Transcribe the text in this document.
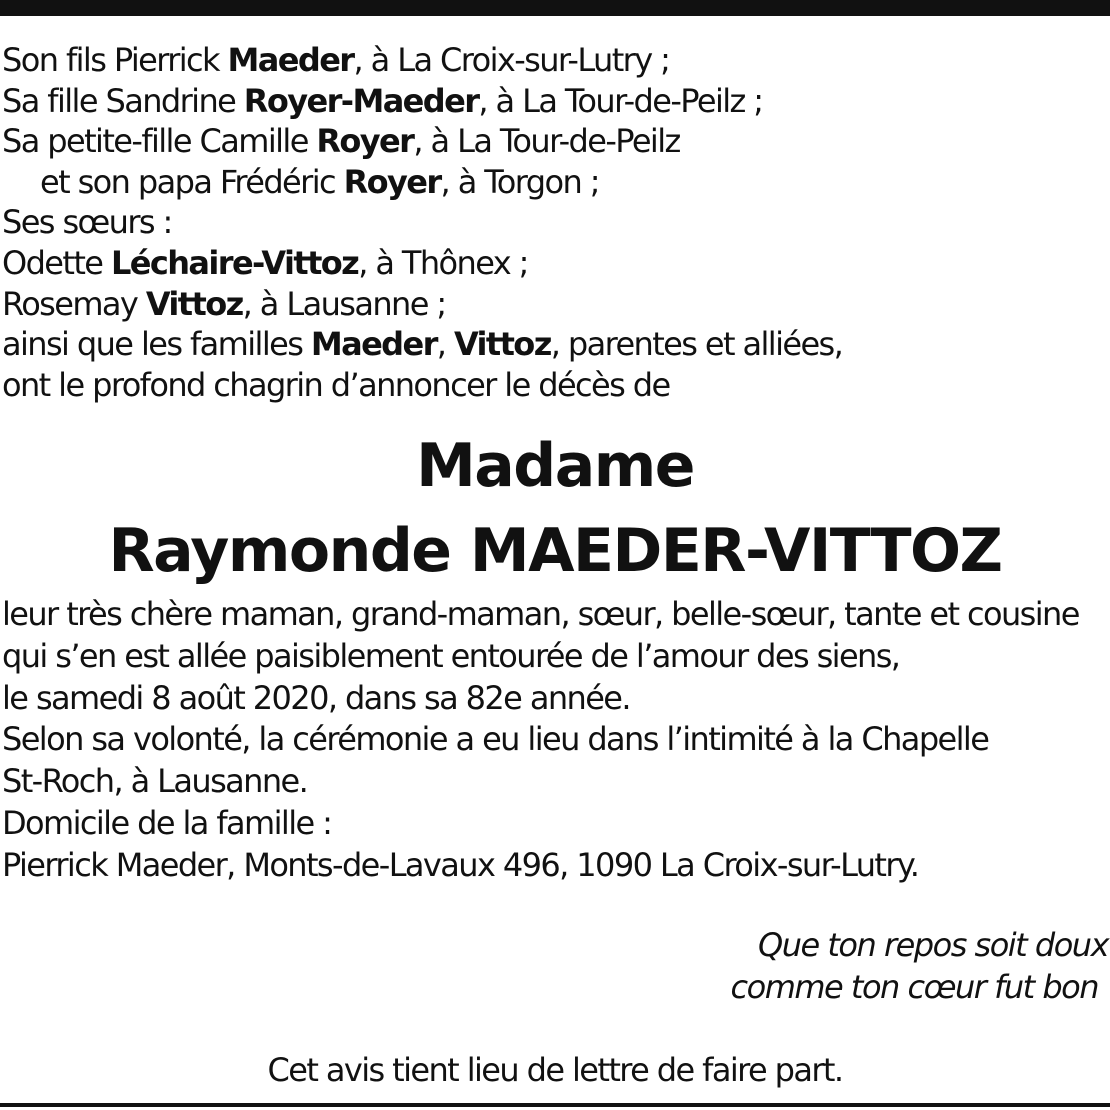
Son fils Pierrick Maeder, à La Croix-sur-Lutry ;
Sa fille Sandrine Royer-Maeder, à La Tour-de-Peilz ;
Sa petite-fille Camille Royer, à La Tour-de-Peilz
et son papa Frédéric Royer, à Torgon ;
Ses sœurs :
Odette Léchaire-Vittoz, à Thônex ;
Rosemay Vittoz, à Lausanne ;
ainsi que les familles Maeder, Vittoz, parentes et alliées,
ont le profond chagrin d’annoncer le décès de
Madame
Raymonde MAEDER-VITTOZ
leur très chère maman, grand-maman, sœur, belle-sœur, tante et cousine
qui s’en est allée paisiblement entourée de l’amour des siens,
le samedi 8 août 2020, dans sa 82e année.
Selon sa volonté, la cérémonie a eu lieu dans l’intimité à la Chapelle
St-Roch, à Lausanne.
Domicile de la famille :
Pierrick Maeder, Monts-de-Lavaux 496, 1090 La Croix-sur-Lutry.
Que ton repos soit doux
comme ton cœur fut bon
Cet avis tient lieu de lettre de faire part.
